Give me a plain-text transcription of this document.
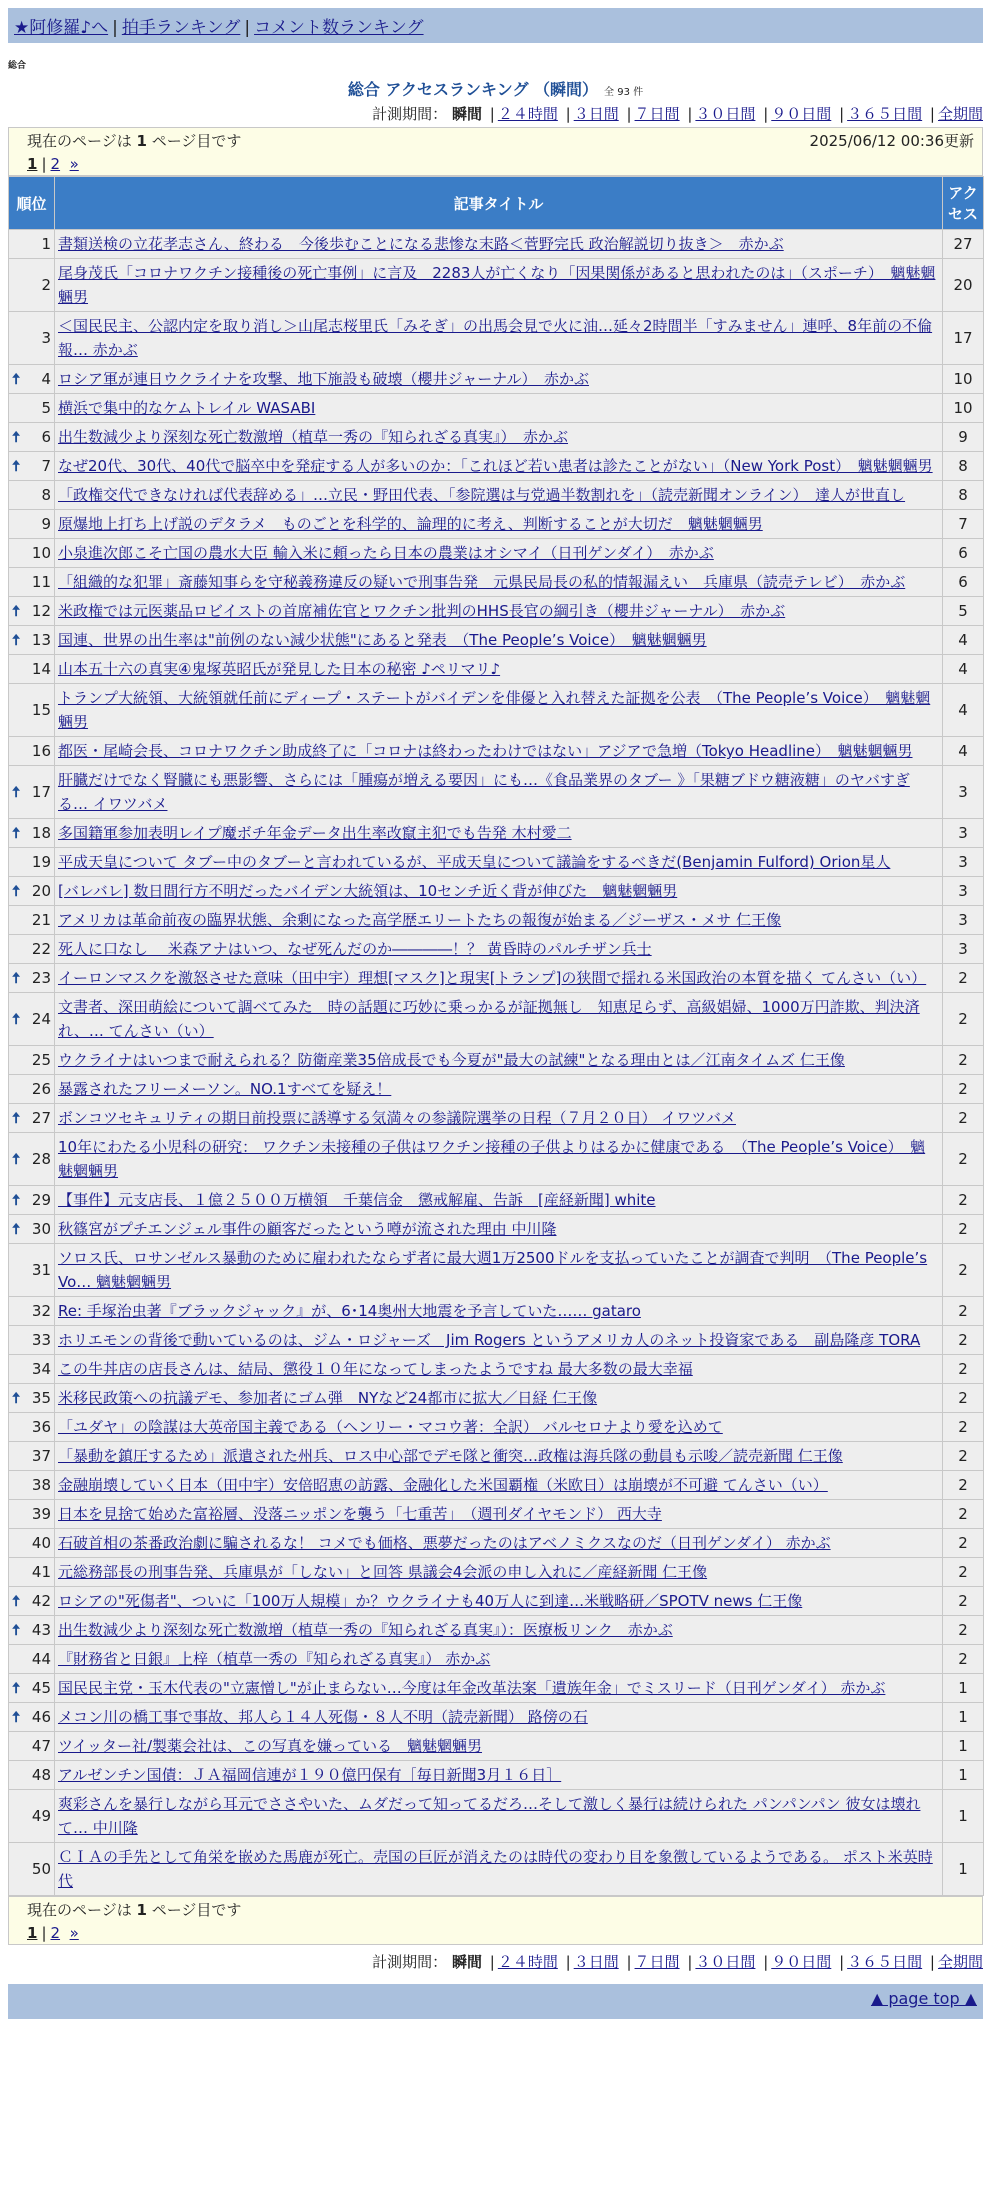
★阿修羅♪へ | 拍手ランキング | コメント数ランキング
総合
総合 アクセスランキング （瞬間） 全 93 件
計測期間： 瞬間 | ２４時間 | ３日間 | ７日間 | ３０日間 | ９０日間 | ３６５日間 | 全期間
現在のページは 1 ページ目です	2025/06/12 00:36更新
1 | 2 »
順位	記事タイトル	アクセス
1	書類送検の立花孝志さん、終わる　今後歩むことになる悲惨な末路＜菅野完氏 政治解説切り抜き＞　赤かぶ	27
2	尾身茂氏「コロナワクチン接種後の死亡事例」に言及　2283人が亡くなり「因果関係があると思われたのは」（スポーチ）　魑魅魍魎男	20
3	＜国民民主、公認内定を取り消し＞山尾志桜里氏「みそぎ」の出馬会見で火に油…延々2時間半「すみません」連呼、8年前の不倫報… 赤かぶ	17

🠅 4	ロシア軍が連日ウクライナを攻撃、地下施設も破壊（櫻井ジャーナル）　赤かぶ	10
5	横浜で集中的なケムトレイル WASABI	10

🠅 6	出生数減少より深刻な死亡数激増（植草一秀の『知られざる真実』）　赤かぶ	9

🠅 7	なぜ20代、30代、40代で脳卒中を発症する人が多いのか：「これほど若い患者は診たことがない」（New York Post）　魑魅魍魎男	8
8	「政権交代できなければ代表辞める」…立民・野田代表、「参院選は与党過半数割れを」（読売新聞オンライン）　達人が世直し	8
9	原爆地上打ち上げ説のデタラメ　ものごとを科学的、論理的に考え、判断することが大切だ　魑魅魍魎男	7
10	小泉進次郎こそ亡国の農水大臣 輸入米に頼ったら日本の農業はオシマイ（日刊ゲンダイ）　赤かぶ	6
11	「組織的な犯罪」斎藤知事らを守秘義務違反の疑いで刑事告発　元県民局長の私的情報漏えい　兵庫県（読売テレビ）　赤かぶ	6

🠅 12	米政権では元医薬品ロビイストの首席補佐官とワクチン批判のHHS長官の綱引き（櫻井ジャーナル）　赤かぶ	5

🠅 13	国連、世界の出生率は"前例のない減少状態"にあると発表　（The People’s Voice）　魑魅魍魎男	4
14	山本五十六の真実④鬼塚英昭氏が発見した日本の秘密 ♪ペリマリ♪	4
15	トランプ大統領、大統領就任前にディープ・ステートがバイデンを俳優と入れ替えた証拠を公表　（The People’s Voice）　魑魅魍魎男	4
16	都医・尾崎会長、コロナワクチン助成終了に「コロナは終わったわけではない」アジアで急増（Tokyo Headline）　魑魅魍魎男	4

🠅 17	肝臓だけでなく腎臓にも悪影響、さらには「腫瘍が増える要因」にも…《食品業界のタブー 》「果糖ブドウ糖液糖」のヤバすぎる… イワツバメ	3

🠅 18	多国籍軍参加表明レイプ魔ボチ年金データ出生率改竄主犯でも告発 木村愛二	3
19	平成天皇について タブー中のタブーと言われているが、平成天皇について議論をするべきだ(Benjamin Fulford) Orion星人	3

🠅 20	[バレバレ] 数日間行方不明だったバイデン大統領は、10センチ近く背が伸びた　魑魅魍魎男	3
21	アメリカは革命前夜の臨界状態、余剰になった高学歴エリートたちの報復が始まる／ジーザス・メサ 仁王像	3
22	死人に口なし　 米森アナはいつ、なぜ死んだのか――――！？ 黄昏時のパルチザン兵士	3

🠅 23	イーロンマスクを激怒させた意味（田中宇）理想[マスク]と現実[トランプ]の狭間で揺れる米国政治の本質を描く てんさい（い）	2

🠅 24	文書者、深田萌絵について調べてみた　時の話題に巧妙に乗っかるが証拠無し　知恵足らず、高級娼婦、1000万円詐欺、判決済れ、… てんさい（い）	2
25	ウクライナはいつまで耐えられる？防衛産業35倍成長でも今夏が"最大の試練"となる理由とは／江南タイムズ 仁王像	2
26	暴露されたフリーメーソン。NO.1すべてを疑え！	2

🠅 27	ボンコツセキュリティの期日前投票に誘導する気満々の参議院選挙の日程（７月２０日） イワツバメ	2

🠅 28	10年にわたる小児科の研究： ワクチン未接種の子供はワクチン接種の子供よりはるかに健康である　（The People’s Voice）　魑魅魍魎男	2

🠅 29	【事件】元支店長、１億２５００万横領　千葉信金　懲戒解雇、告訴　[産経新聞] white	2

🠅 30	秋篠宮がプチエンジェル事件の顧客だったという噂が流された理由 中川隆	2
31	ソロス氏、ロサンゼルス暴動のために雇われたならず者に最大週1万2500ドルを支払っていたことが調査で判明　（The People’s Vo… 魑魅魍魎男	2
32	Re: 手塚治虫著『ブラックジャック』が、6･14奥州大地震を予言していた…… gataro	2
33	ホリエモンの背後で動いているのは、ジム・ロジャーズ　Jim Rogers というアメリカ人のネット投資家である　副島隆彦 TORA	2
34	この牛丼店の店長さんは、結局、懲役１０年になってしまったようですね 最大多数の最大幸福	2

🠅 35	米移民政策への抗議デモ、参加者にゴム弾　NYなど24都市に拡大／日経 仁王像	2
36	「ユダヤ」の陰謀は大英帝国主義である（ヘンリー・マコウ著：全訳） バルセロナより愛を込めて	2
37	「暴動を鎮圧するため」派遣された州兵、ロス中心部でデモ隊と衝突…政権は海兵隊の動員も示唆／読売新聞 仁王像	2
38	金融崩壊していく日本（田中宇）安倍昭恵の訪露、金融化した米国覇権（米欧日）は崩壊が不可避 てんさい（い）	2
39	日本を見捨て始めた富裕層、没落ニッポンを襲う「七重苦」　（週刊ダイヤモンド） 西大寺	2
40	石破首相の茶番政治劇に騙されるな！ コメでも価格、悪夢だったのはアベノミクスなのだ（日刊ゲンダイ） 赤かぶ	2
41	元総務部長の刑事告発、兵庫県が「しない」と回答 県議会4会派の申し入れに／産経新聞 仁王像	2

🠅 42	ロシアの"死傷者"、ついに「100万人規模」か？ウクライナも40万人に到達…米戦略研／SPOTV news 仁王像	2

🠅 43	出生数減少より深刻な死亡数激増（植草一秀の『知られざる真実』）：医療板リンク　赤かぶ	2
44	『財務省と日銀』上梓（植草一秀の『知られざる真実』） 赤かぶ	2

🠅 45	国民民主党・玉木代表の"立憲憎し"が止まらない…今度は年金改革法案「遺族年金」でミスリード（日刊ゲンダイ） 赤かぶ	1

🠅 46	メコン川の橋工事で事故、邦人ら１４人死傷・８人不明（読売新聞） 路傍の石	1
47	ツイッター社/製薬会社は、この写真を嫌っている　魑魅魍魎男	1
48	アルゼンチン国債：ＪＡ福岡信連が１９０億円保有［毎日新聞3月１６日］	1
49	爽彩さんを暴行しながら耳元でささやいた、ムダだって知ってるだろ…そして激しく暴行は続けられた パンパンパン 彼女は壊れて… 中川隆	1
50	ＣＩＡの手先として角栄を嵌めた馬鹿が死亡。売国の巨匠が消えたのは時代の変わり目を象徴しているようである。 ポスト米英時代	1
現在のページは 1 ページ目です
1 | 2 »
計測期間： 瞬間 | ２４時間 | ３日間 | ７日間 | ３０日間 | ９０日間 | ３６５日間 | 全期間
▲ page top ▲
